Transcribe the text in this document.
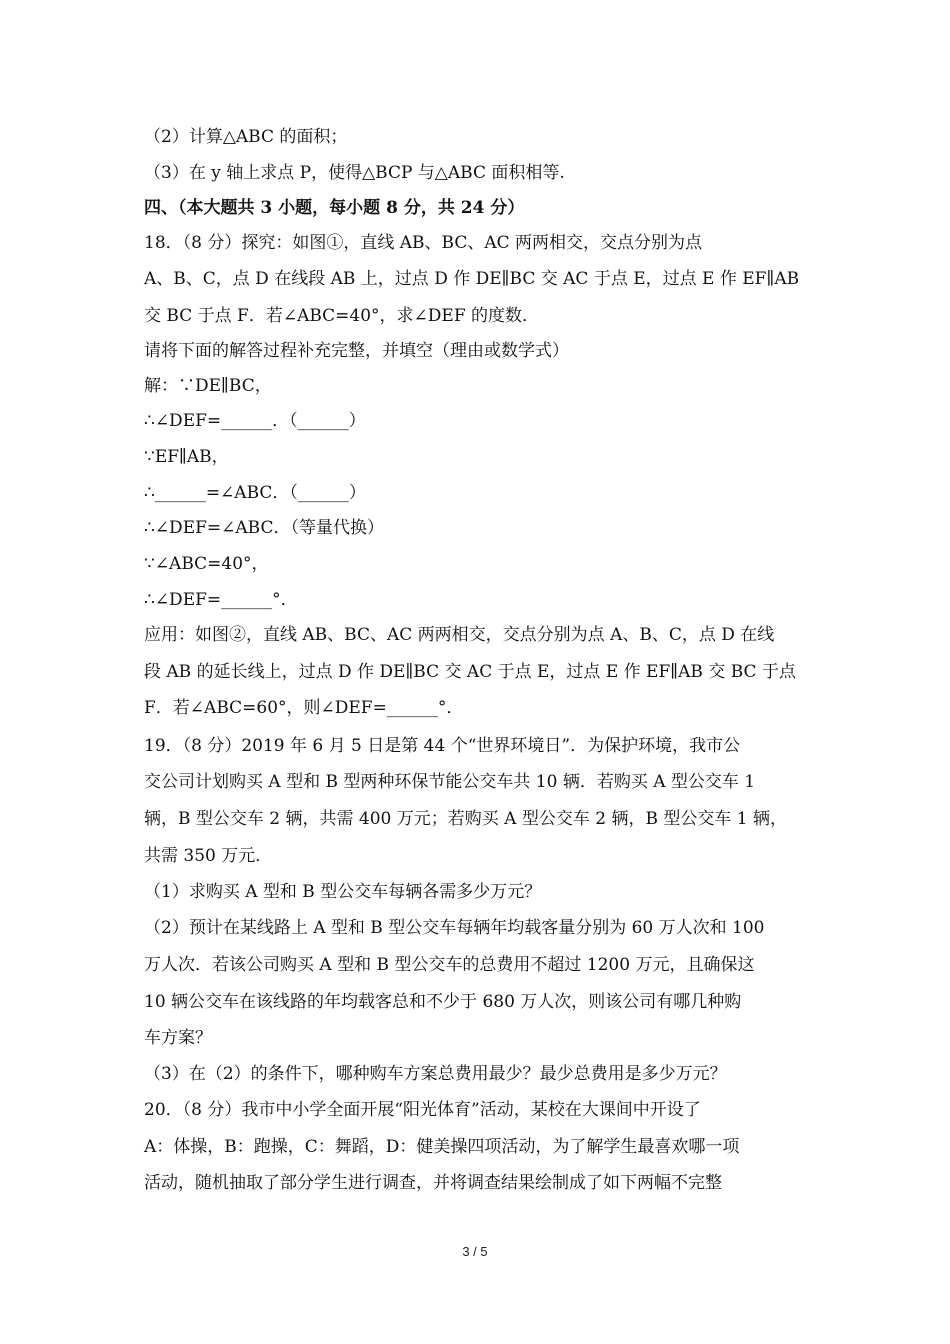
（2）计算△ABC 的面积；
（3）在 y 轴上求点 P，使得△BCP 与△ABC 面积相等.
四、（本大题共 3 小题，每小题 8 分，共 24 分）
18．（8 分）探究：如图①，直线 AB、BC、AC 两两相交，交点分别为点
A、B、C，点 D 在线段 AB 上，过点 D 作 DE∥BC 交 AC 于点 E，过点 E 作 EF∥AB
交 BC 于点 F．若∠ABC=40°，求∠DEF 的度数．
请将下面的解答过程补充完整，并填空（理由或数学式）
解：∵DE∥BC，
∴∠DEF=______．（______）
∵EF∥AB，
∴______=∠ABC．（______）
∴∠DEF=∠ABC．（等量代换）
∵∠ABC=40°，
∴∠DEF=______°．
应用：如图②，直线 AB、BC、AC 两两相交，交点分别为点 A、B、C，点 D 在线
段 AB 的延长线上，过点 D 作 DE∥BC 交 AC 于点 E，过点 E 作 EF∥AB 交 BC 于点
F．若∠ABC=60°，则∠DEF=______°．
19．（8 分）2019 年 6 月 5 日是第 44 个“世界环境日”．为保护环境，我市公
交公司计划购买 A 型和 B 型两种环保节能公交车共 10 辆．若购买 A 型公交车 1
辆，B 型公交车 2 辆，共需 400 万元；若购买 A 型公交车 2 辆，B 型公交车 1 辆，
共需 350 万元．
（1）求购买 A 型和 B 型公交车每辆各需多少万元？
（2）预计在某线路上 A 型和 B 型公交车每辆年均载客量分别为 60 万人次和 100
万人次．若该公司购买 A 型和 B 型公交车的总费用不超过 1200 万元，且确保这
10 辆公交车在该线路的年均载客总和不少于 680 万人次，则该公司有哪几种购
车方案？
（3）在（2）的条件下，哪种购车方案总费用最少？最少总费用是多少万元？
20．（8 分）我市中小学全面开展“阳光体育”活动，某校在大课间中开设了
A：体操，B：跑操，C：舞蹈，D：健美操四项活动，为了解学生最喜欢哪一项
活动，随机抽取了部分学生进行调查，并将调查结果绘制成了如下两幅不完整
3 / 5
